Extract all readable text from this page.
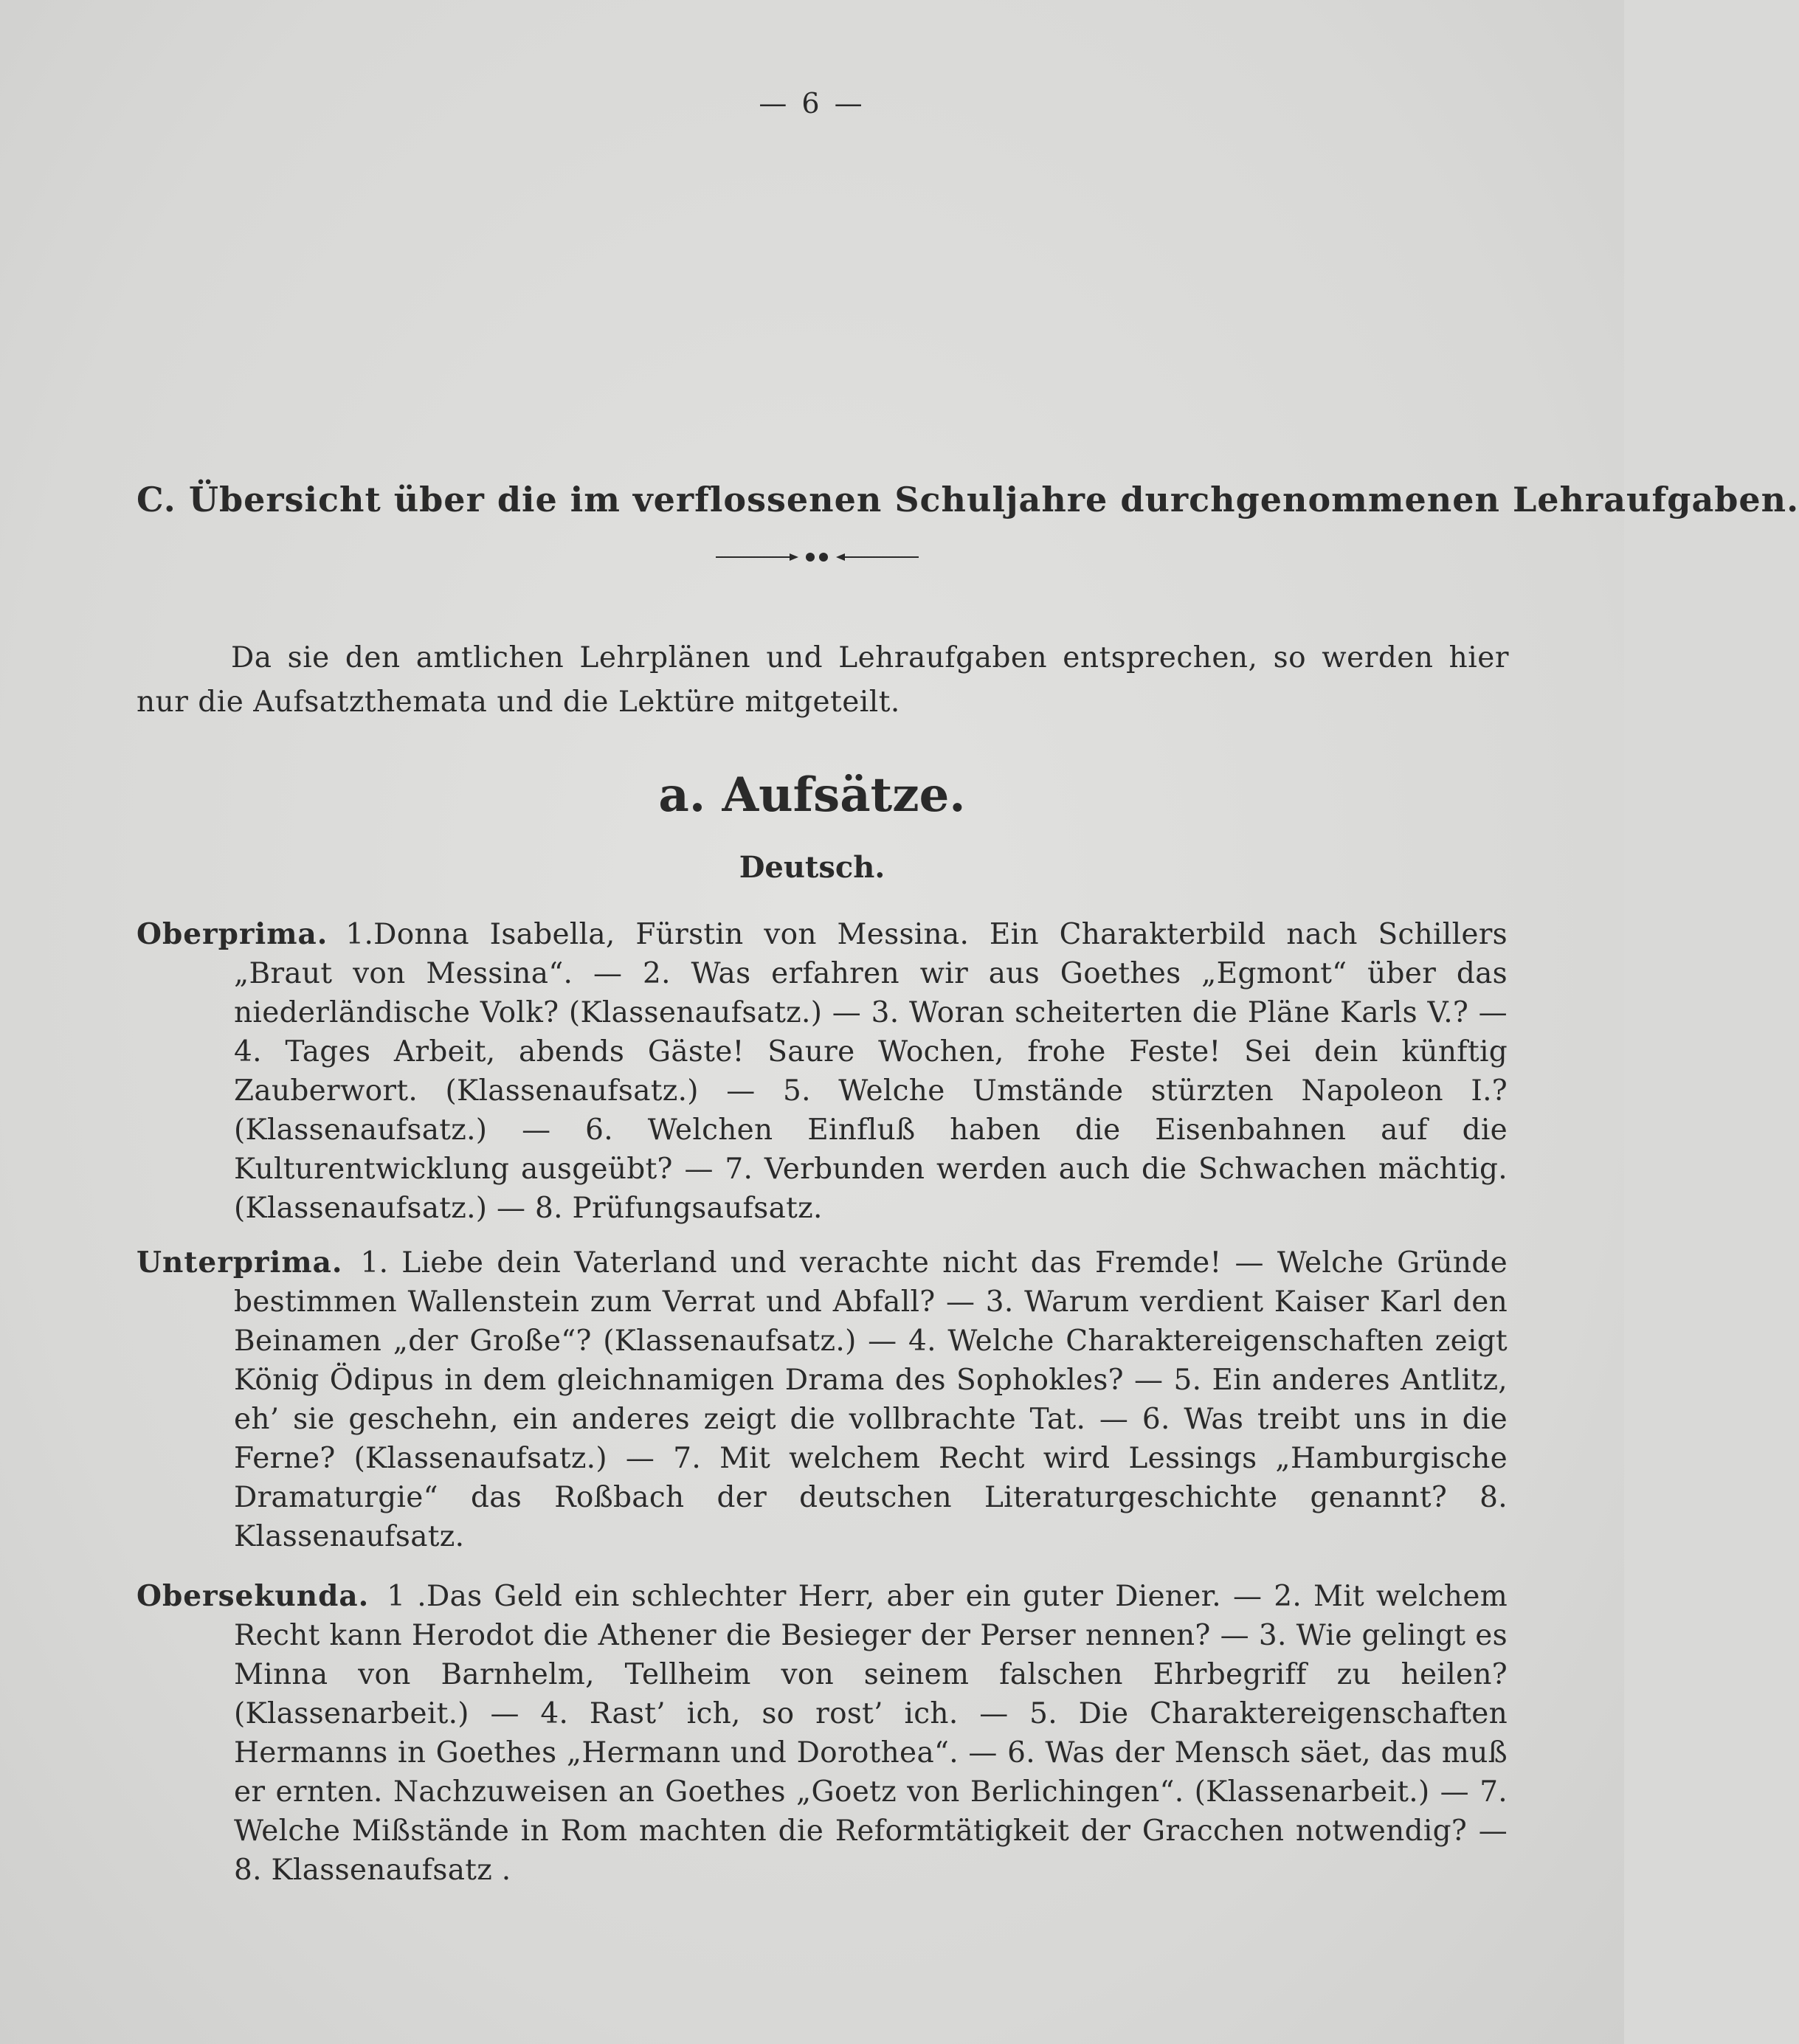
— 6 —
C. Übersicht über die im verflossenen Schuljahre durchgenommenen Lehraufgaben.
Da sie den amtlichen Lehrplänen und Lehraufgaben entsprechen, so werden hier nur die Aufsatzthemata und die Lektüre mitgeteilt.
a. Aufsätze.
Deutsch.
Oberprima. 1.Donna Isabella, Fürstin von Messina. Ein Charakterbild nach Schillers „Braut von Messina“. — 2. Was erfahren wir aus Goethes „Egmont“ über das niederländische Volk? (Klassenaufsatz.) — 3. Woran scheiterten die Pläne Karls V.? — 4. Tages Arbeit, abends Gäste! Saure Wochen, frohe Feste! Sei dein künftig Zauberwort. (Klassenaufsatz.) — 5. Welche Umstände stürzten Napoleon I.? (Klassenaufsatz.) — 6. Welchen Einfluß haben die Eisenbahnen auf die Kulturentwicklung ausgeübt? — 7. Verbunden werden auch die Schwachen mächtig. (Klassenaufsatz.) — 8. Prüfungsaufsatz.
Unterprima. 1. Liebe dein Vaterland und verachte nicht das Fremde! — Welche Gründe bestimmen Wallenstein zum Verrat und Abfall? — 3. Warum verdient Kaiser Karl den Beinamen „der Große“? (Klassenaufsatz.) — 4. Welche Charaktereigenschaften zeigt König Ödipus in dem gleichnamigen Drama des Sophokles? — 5. Ein anderes Antlitz, eh’ sie geschehn, ein anderes zeigt die vollbrachte Tat. — 6. Was treibt uns in die Ferne? (Klassenaufsatz.) — 7. Mit welchem Recht wird Lessings „Hamburgische Dramaturgie“ das Roßbach der deutschen Literaturgeschichte genannt? 8. Klassenaufsatz.
Obersekunda. 1 .Das Geld ein schlechter Herr, aber ein guter Diener. — 2. Mit welchem Recht kann Herodot die Athener die Besieger der Perser nennen? — 3. Wie gelingt es Minna von Barnhelm, Tellheim von seinem falschen Ehrbegriff zu heilen? (Klassenarbeit.) — 4. Rast’ ich, so rost’ ich. — 5. Die Charaktereigenschaften Hermanns in Goethes „Hermann und Dorothea“. — 6. Was der Mensch säet, das muß er ernten. Nachzuweisen an Goethes „Goetz von Berlichingen“. (Klassenarbeit.) — 7. Welche Mißstände in Rom machten die Reformtätigkeit der Gracchen notwendig? — 8. Klassenaufsatz .
